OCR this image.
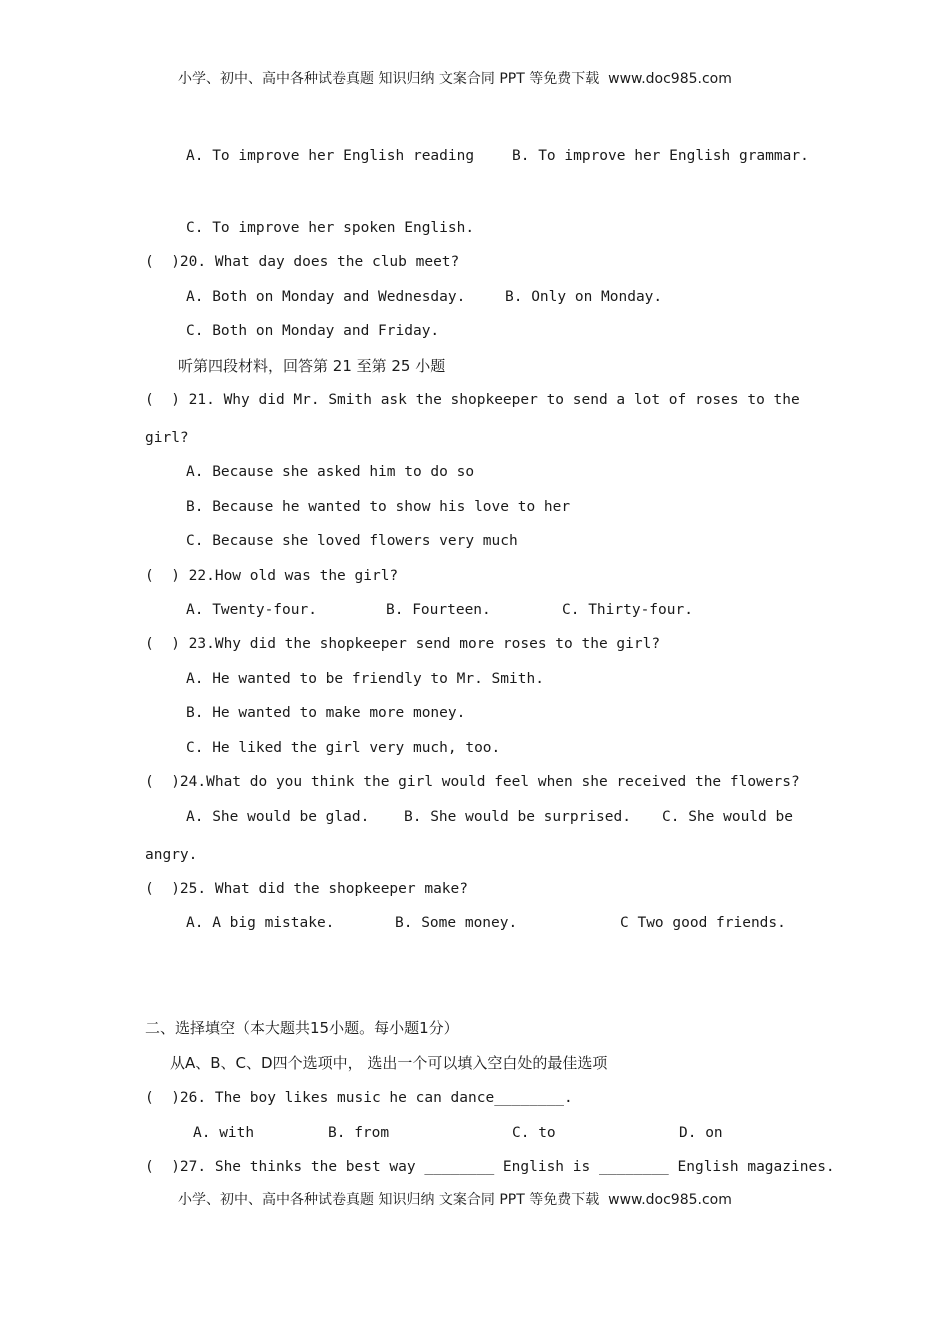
小学、初中、高中各种试卷真题 知识归纳 文案合同 PPT 等免费下载  www.doc985.com
A. To improve her English reading	B. To improve her English grammar.
C. To improve her spoken English.
(  )20. What day does the club meet?
A. Both on Monday and Wednesday.	B. Only on Monday.
C. Both on Monday and Friday.
听第四段材料，回答第 21 至第 25 小题
(  ) 21. Why did Mr. Smith ask the shopkeeper to send a lot of roses to the
girl?
A. Because she asked him to do so
B. Because he wanted to show his love to her
C. Because she loved flowers very much
(  ) 22.How old was the girl?
A. Twenty-four.	B. Fourteen.	C. Thirty-four.
(  ) 23.Why did the shopkeeper send more roses to the girl?
A. He wanted to be friendly to Mr. Smith.
B. He wanted to make more money.
C. He liked the girl very much, too.
(  )24.What do you think the girl would feel when she received the flowers?
A. She would be glad. B. She would be surprised. C. She would be
angry.
(  )25. What did the shopkeeper make?
A. A big mistake.	B. Some money.	C Two good friends.
二、选择填空（本大题共15小题。每小题1分）
从A、B、C、D四个选项中， 选出一个可以填入空白处的最佳选项
(  )26. The boy likes music he can dance________.
A. with	B. from	C. to	D. on
(  )27. She thinks the best way ________ English is ________ English magazines.
小学、初中、高中各种试卷真题 知识归纳 文案合同 PPT 等免费下载  www.doc985.com
